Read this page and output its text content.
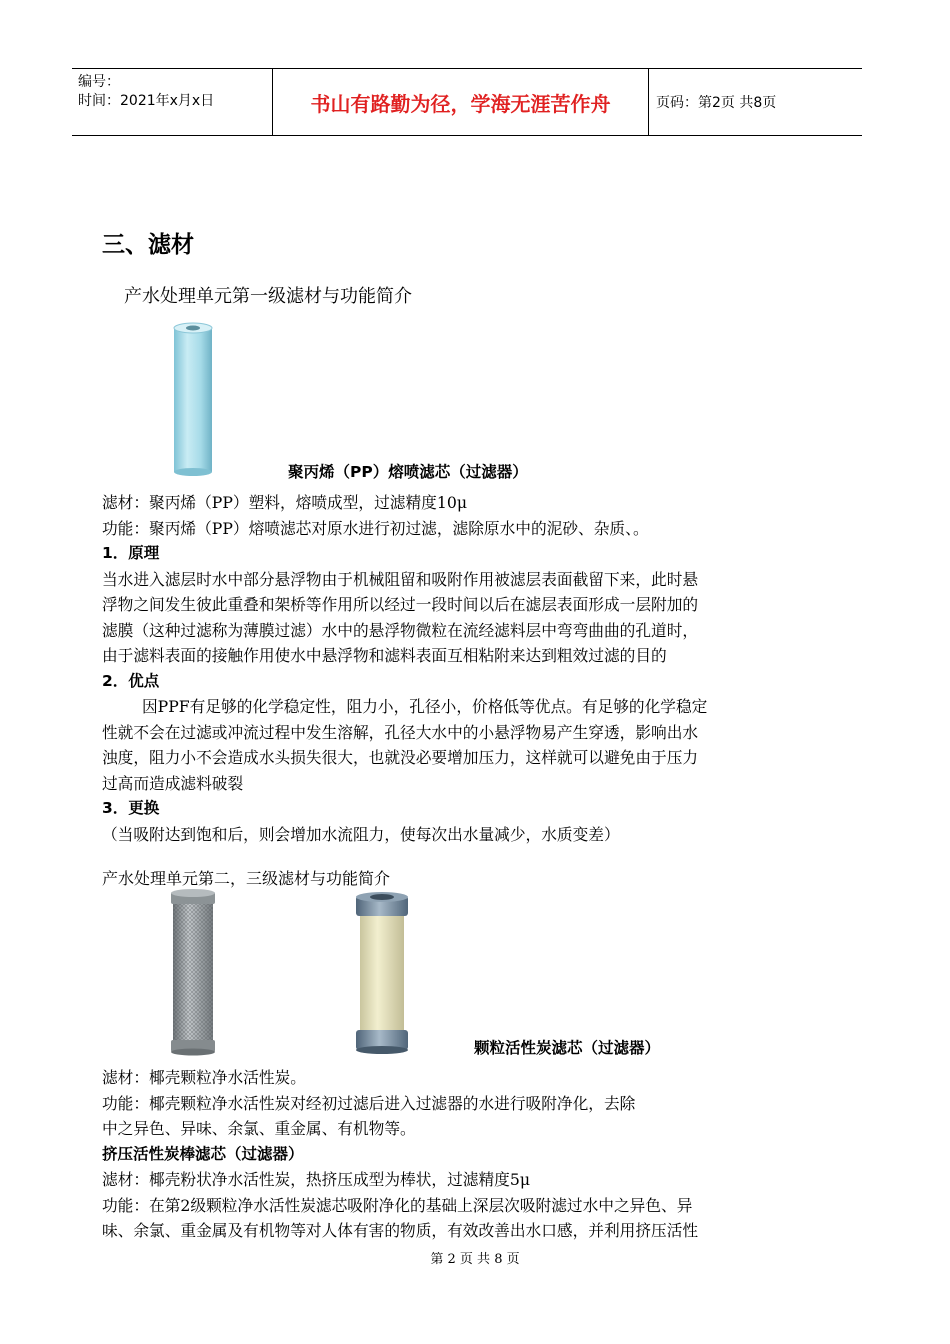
编号：
时间：2021年x月x日	书山有路勤为径，学海无涯苦作舟	页码：第2页 共8页
三、滤材
产水处理单元第一级滤材与功能简介
聚丙烯（PP）熔喷滤芯（过滤器）
滤材：聚丙烯（PP）塑料，熔喷成型，过滤精度10μ
功能：聚丙烯（PP）熔喷滤芯对原水进行初过滤，滤除原水中的泥砂、杂质、。
1．原理
当水进入滤层时水中部分悬浮物由于机械阻留和吸附作用被滤层表面截留下来，此时悬
浮物之间发生彼此重叠和架桥等作用所以经过一段时间以后在滤层表面形成一层附加的
滤膜（这种过滤称为薄膜过滤）水中的悬浮物微粒在流经滤料层中弯弯曲曲的孔道时，
由于滤料表面的接触作用使水中悬浮物和滤料表面互相粘附来达到粗效过滤的目的
2．优点
因PPF有足够的化学稳定性，阻力小，孔径小，价格低等优点。有足够的化学稳定
性就不会在过滤或冲流过程中发生溶解，孔径大水中的小悬浮物易产生穿透，影响出水
浊度，阻力小不会造成水头损失很大，也就没必要增加压力，这样就可以避免由于压力
过高而造成滤料破裂
3．更换
（当吸附达到饱和后，则会增加水流阻力，使每次出水量减少，水质变差）
产水处理单元第二，三级滤材与功能简介
颗粒活性炭滤芯（过滤器）
滤材：椰壳颗粒净水活性炭。
功能：椰壳颗粒净水活性炭对经初过滤后进入过滤器的水进行吸附净化，去除
中之异色、异味、余氯、重金属、有机物等。
挤压活性炭棒滤芯（过滤器）
滤材：椰壳粉状净水活性炭，热挤压成型为棒状，过滤精度5μ
功能：在第2级颗粒净水活性炭滤芯吸附净化的基础上深层次吸附滤过水中之异色、异
味、余氯、重金属及有机物等对人体有害的物质，有效改善出水口感，并利用挤压活性
第 2 页 共 8 页
